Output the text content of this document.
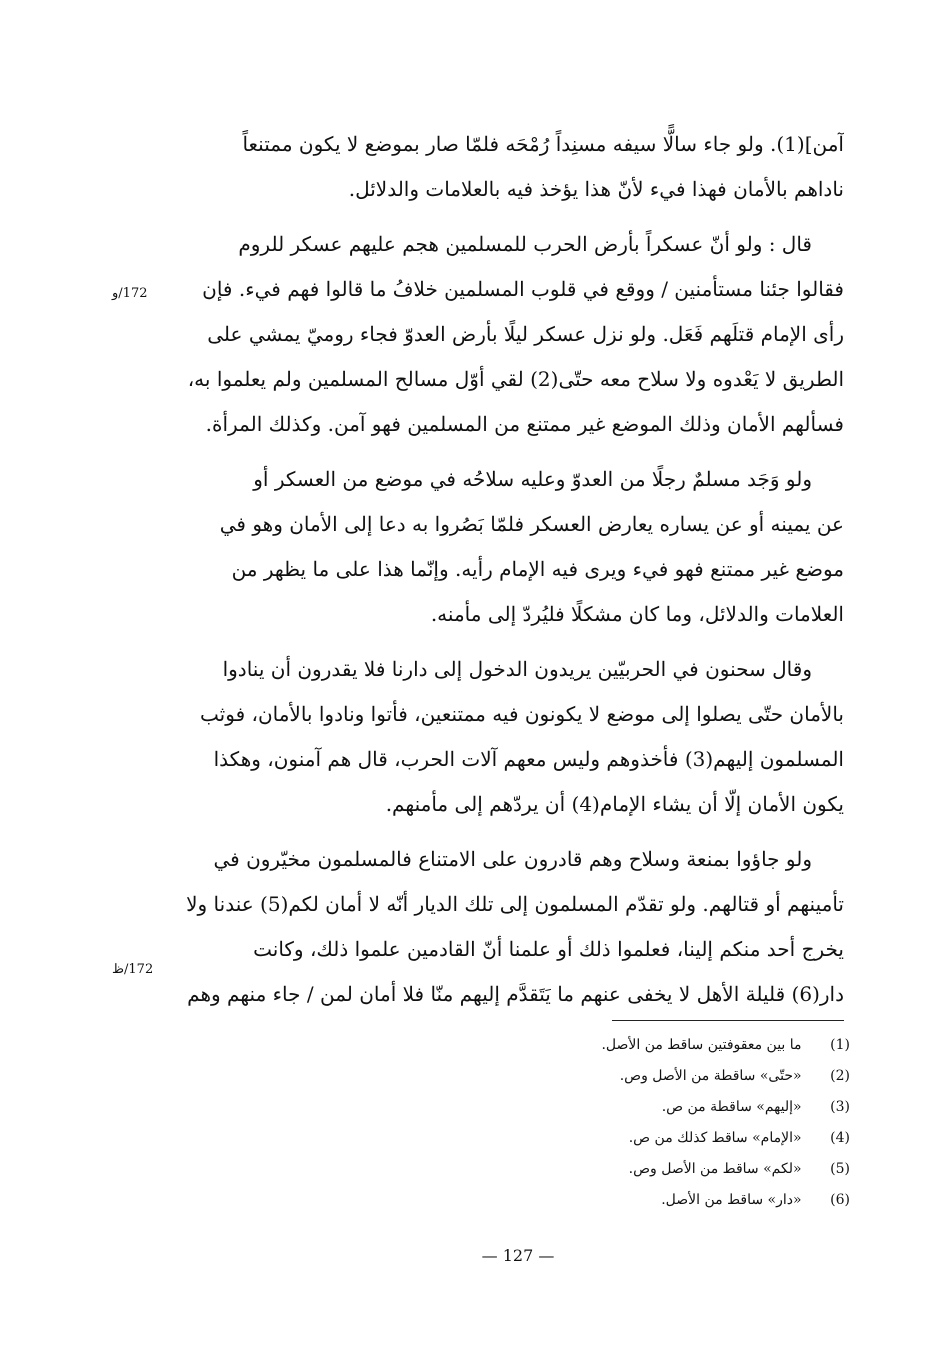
آمن](1). ولو جاء سالًّا سيفه مسنِداً رُمْحَه فلمّا صار بموضع لا يكون ممتنعاً
ناداهم بالأمان فهذا فيء لأنّ هذا يؤخذ فيه بالعلامات والدلائل.
قال : ولو أنّ عسكراً بأرض الحرب للمسلمين هجم عليهم عسكر للروم
فقالوا جئنا مستأمنين / ووقع في قلوب المسلمين خلافُ ما قالوا فهم فيء. فإن
رأى الإمام قتلَهم فَعَل. ولو نزل عسكر ليلًا بأرض العدوّ فجاء روميّ يمشي على
الطريق لا يَعْدوه ولا سلاح معه حتّى(2) لقي أوّل مسالح المسلمين ولم يعلموا به،
فسألهم الأمان وذلك الموضع غير ممتنع من المسلمين فهو آمن. وكذلك المرأة.
ولو وَجَد مسلمٌ رجلًا من العدوّ وعليه سلاحُه في موضع من العسكر أو
عن يمينه أو عن يساره يعارض العسكر فلمّا بَصُروا به دعا إلى الأمان وهو في
موضع غير ممتنع فهو فيء ويرى فيه الإمام رأيه. وإنّما هذا على ما يظهر من
العلامات والدلائل، وما كان مشكلًا فليُردّ إلى مأمنه.
وقال سحنون في الحربيّين يريدون الدخول إلى دارنا فلا يقدرون أن ينادوا
بالأمان حتّى يصلوا إلى موضع لا يكونون فيه ممتنعين، فأتوا ونادوا بالأمان، فوثب
المسلمون إليهم(3) فأخذوهم وليس معهم آلات الحرب، قال هم آمنون، وهكذا
يكون الأمان إلّا أن يشاء الإمام(4) أن يردّهم إلى مأمنهم.
ولو جاؤوا بمنعة وسلاح وهم قادرون على الامتناع فالمسلمون مخيّرون في
تأمينهم أو قتالهم. ولو تقدّم المسلمون إلى تلك الديار أنّه لا أمان لكم(5) عندنا ولا
يخرج أحد منكم إلينا، فعلموا ذلك أو علمنا أنّ القادمين علموا ذلك، وكانت
دار(6) قليلة الأهل لا يخفى عنهم ما يَتَقدَّم إليهم منّا فلا أمان لمن / جاء منهم وهم
172/و
172/ظ
(1) ما بين معقوفتين ساقط من الأصل.
(2) «حتّى» ساقطة من الأصل وص.
(3) «إليهم» ساقطة من ص.
(4) «الإمام» ساقط كذلك من ص.
(5) «لكم» ساقط من الأصل وص.
(6) «دار» ساقط من الأصل.
— 127 —
